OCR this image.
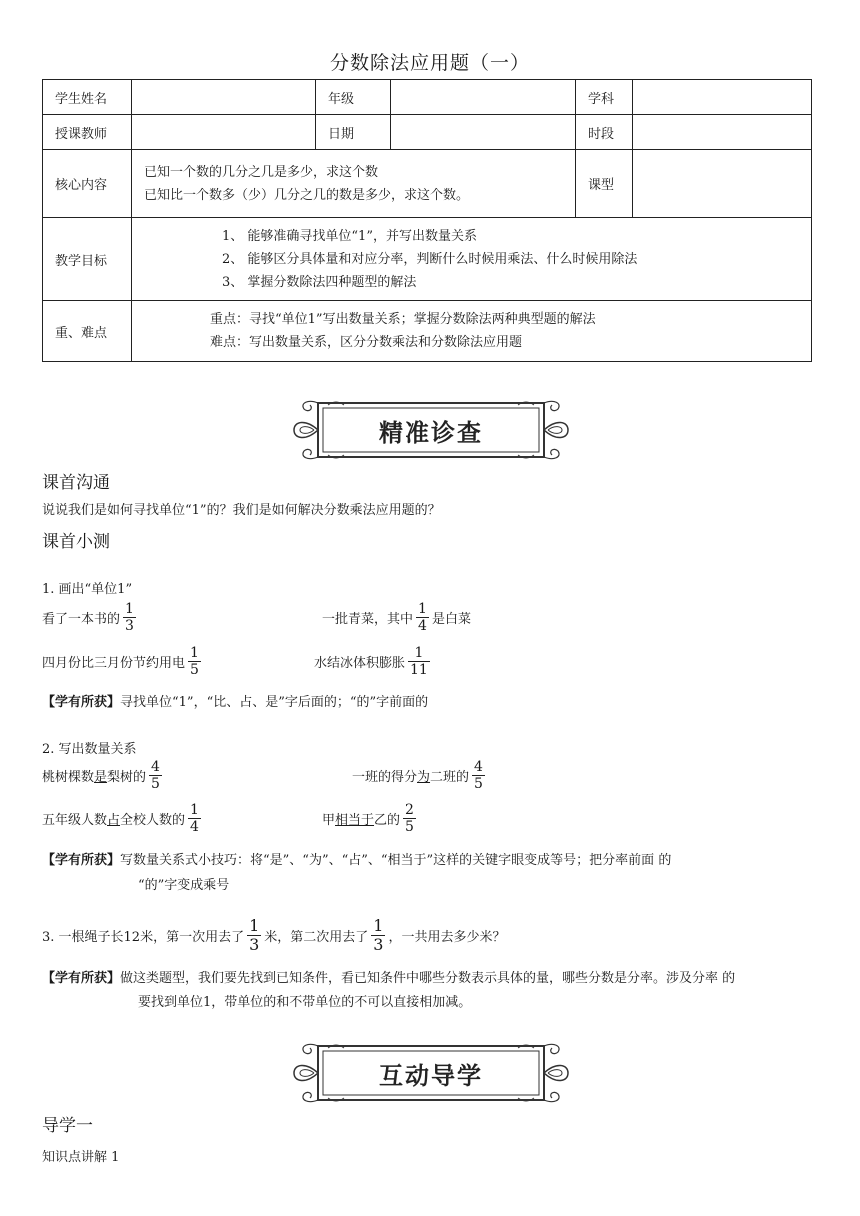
分数除法应用题（一）
学生姓名		年级		学科	
授课教师		日期		时段	
核心内容	已知一个数的几分之几是多少，求这个数
已知比一个数多（少）几分之几的数是多少，求这个数。			课型	
教学目标	1、 能够准确寻找单位“1”，并写出数量关系
2、 能够区分具体量和对应分率，判断什么时候用乘法、什么时候用除法
3、 掌握分数除法四种题型的解法				

重、难点	重点：寻找“单位1”写出数量关系；掌握分数除法两种典型题的解法
难点：写出数量关系，区分分数乘法和分数除法应用题				
精准诊查
课首沟通
说说我们是如何寻找单位“1”的？我们是如何解决分数乘法应用题的？
课首小测
1. 画出“单位1”
看了一本书的 $\frac{1}{3}$	一批青菜，其中 $\frac{1}{4}$ 是白菜
四月份比三月份节约用电 $\frac{1}{5}$	水结冰体积膨胀 $\frac{1}{11}$
【学有所获】寻找单位“1”，“比、占、是”字后面的；“的”字前面的
2. 写出数量关系
桃树棵数是梨树的 $\frac{4}{5}$	一班的得分为二班的 $\frac{4}{5}$
五年级人数占全校人数的 $\frac{1}{4}$	甲相当于乙的 $\frac{2}{5}$
【学有所获】写数量关系式小技巧：将“是”、“为”、“占”、“相当于”这样的关键字眼变成等号；把分率前面 的
“的”字变成乘号
3. 一根绳子长12米，第一次用去了 $\frac{1}{3}$ 米，第二次用去了 $\frac{1}{3}$ ，一共用去多少米？
【学有所获】做这类题型，我们要先找到已知条件，看已知条件中哪些分数表示具体的量，哪些分数是分率。涉及分率 的
要找到单位1，带单位的和不带单位的不可以直接相加减。
互动导学
导学一
知识点讲解 1
